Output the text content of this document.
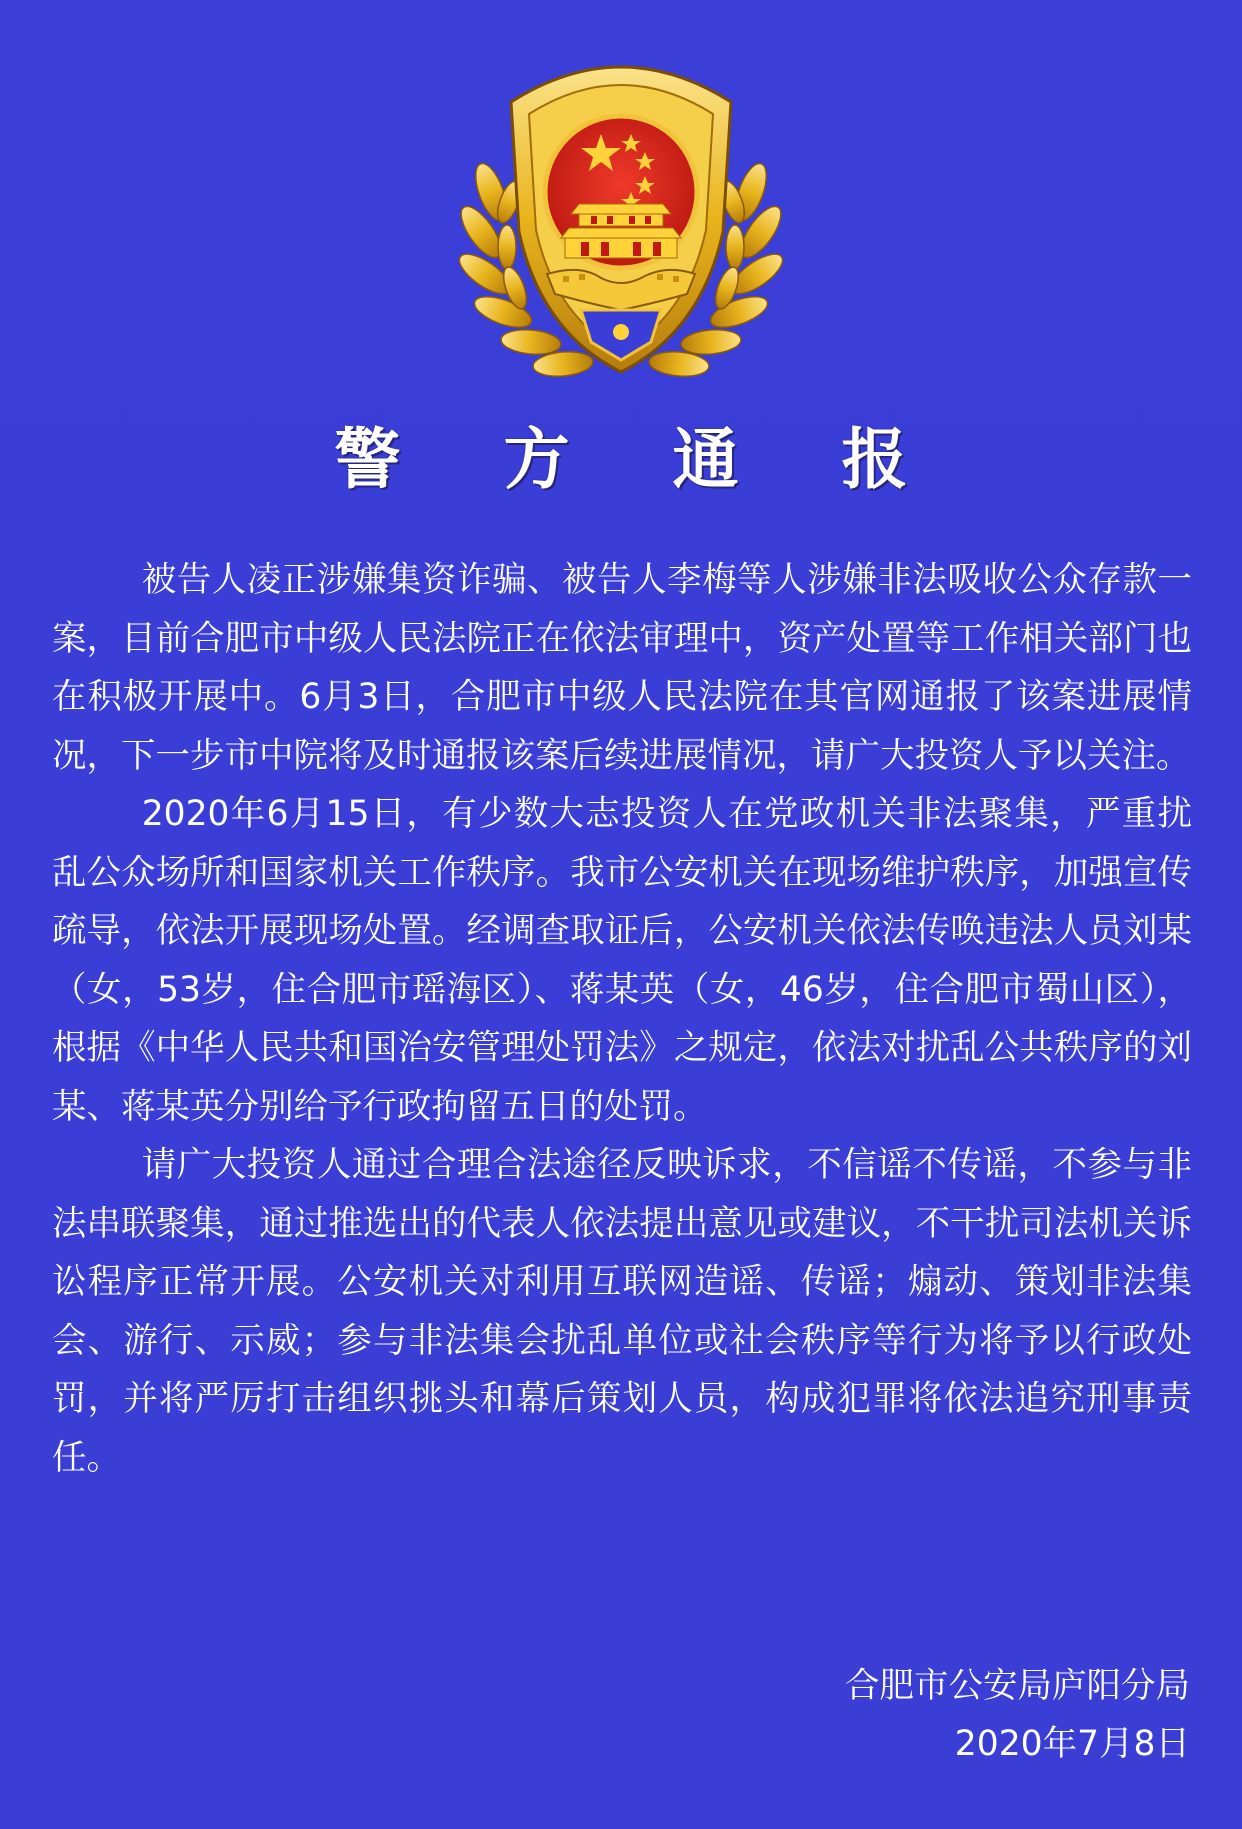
警 方 通 报

被告人凌正涉嫌集资诈骗、被告人李梅等人涉嫌非法吸收公众存款一案，目前合肥市中级人民法院正在依法审理中，资产处置等工作相关部门也在积极开展中。6月3日，合肥市中级人民法院在其官网通报了该案进展情况，下一步市中院将及时通报该案后续进展情况，请广大投资人予以关注。

2020年6月15日，有少数大志投资人在党政机关非法聚集，严重扰乱公众场所和国家机关工作秩序。我市公安机关在现场维护秩序，加强宣传疏导，依法开展现场处置。经调查取证后，公安机关依法传唤违法人员刘某（女，53岁，住合肥市瑶海区）、蒋某英（女，46岁，住合肥市蜀山区），根据《中华人民共和国治安管理处罚法》之规定，依法对扰乱公共秩序的刘某、蒋某英分别给予行政拘留五日的处罚。

请广大投资人通过合理合法途径反映诉求，不信谣不传谣，不参与非法串联聚集，通过推选出的代表人依法提出意见或建议，不干扰司法机关诉讼程序正常开展。公安机关对利用互联网造谣、传谣；煽动、策划非法集会、游行、示威；参与非法集会扰乱单位或社会秩序等行为将予以行政处罚，并将严厉打击组织挑头和幕后策划人员，构成犯罪将依法追究刑事责任。

合肥市公安局庐阳分局
2020年7月8日
